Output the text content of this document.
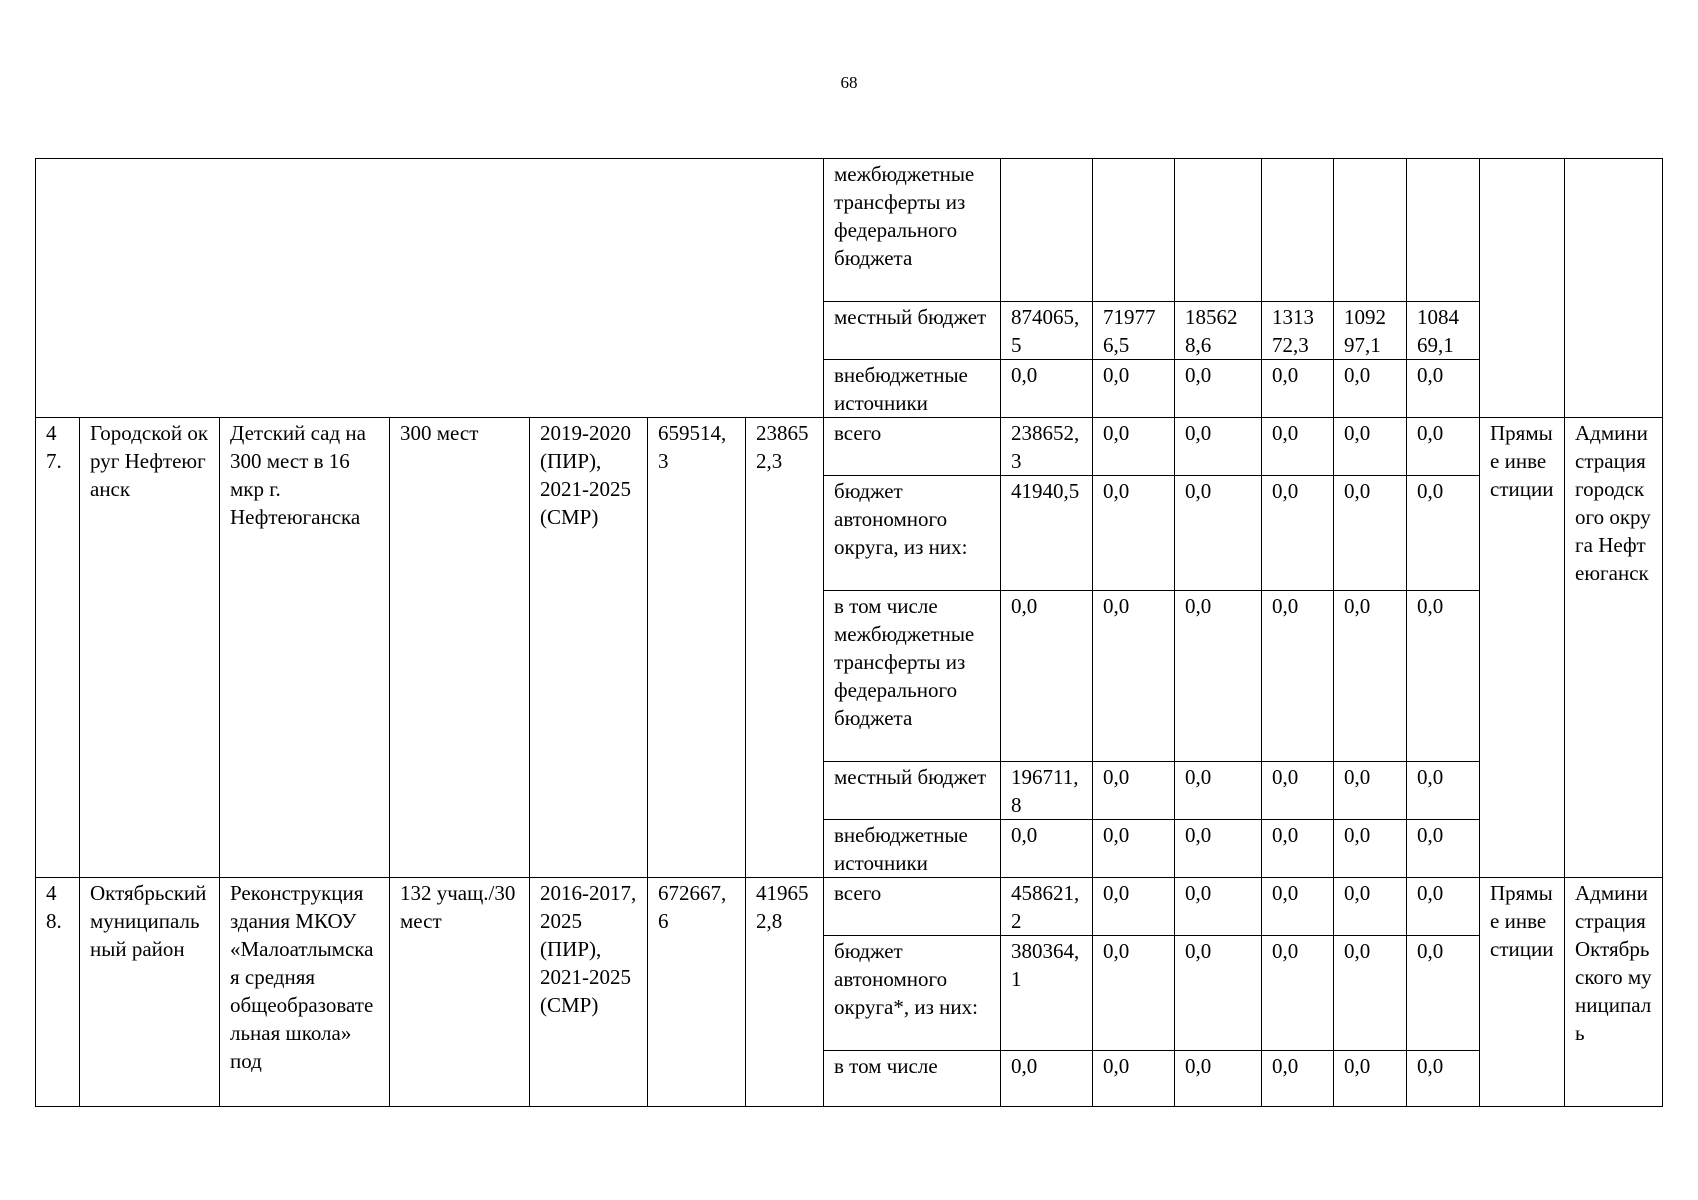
68
							межбюджетные трансферты из федерального бюджета								
							местный бюджет	874065,5	719776,5	185628,6	131372,3	109297,1	108469,1		
							внебюджетные источники	0,0	0,0	0,0	0,0	0,0	0,0		
47.	Городской округ Нефтеюганск	Детский сад на 300 мест в 16 мкр г. Нефтеюганска	300 мест	2019-2020 (ПИР), 2021-2025 (СМР)	659514,3	238652,3	всего	238652,3	0,0	0,0	0,0	0,0	0,0	Прямые инвестиции	Администрация городского округа Нефтеюганск
							бюджет автономного округа, из них:	41940,5	0,0	0,0	0,0	0,0	0,0		
							в том числе межбюджетные трансферты из федерального бюджета	0,0	0,0	0,0	0,0	0,0	0,0		
							местный бюджет	196711,8	0,0	0,0	0,0	0,0	0,0		
							внебюджетные источники	0,0	0,0	0,0	0,0	0,0	0,0		
48.	Октябрьский муниципальный район	Реконструкция здания МКОУ «Малоатлымская средняя общеобразовательная школа» под	132 учащ./30 мест	2016-2017, 2025 (ПИР), 2021-2025 (СМР)	672667,6	419652,8	всего	458621,2	0,0	0,0	0,0	0,0	0,0	Прямые инвестиции	Администрация Октябрьского муниципаль
							бюджет автономного округа*, из них:	380364,1	0,0	0,0	0,0	0,0	0,0		
							в том числе	0,0	0,0	0,0	0,0	0,0	0,0		
